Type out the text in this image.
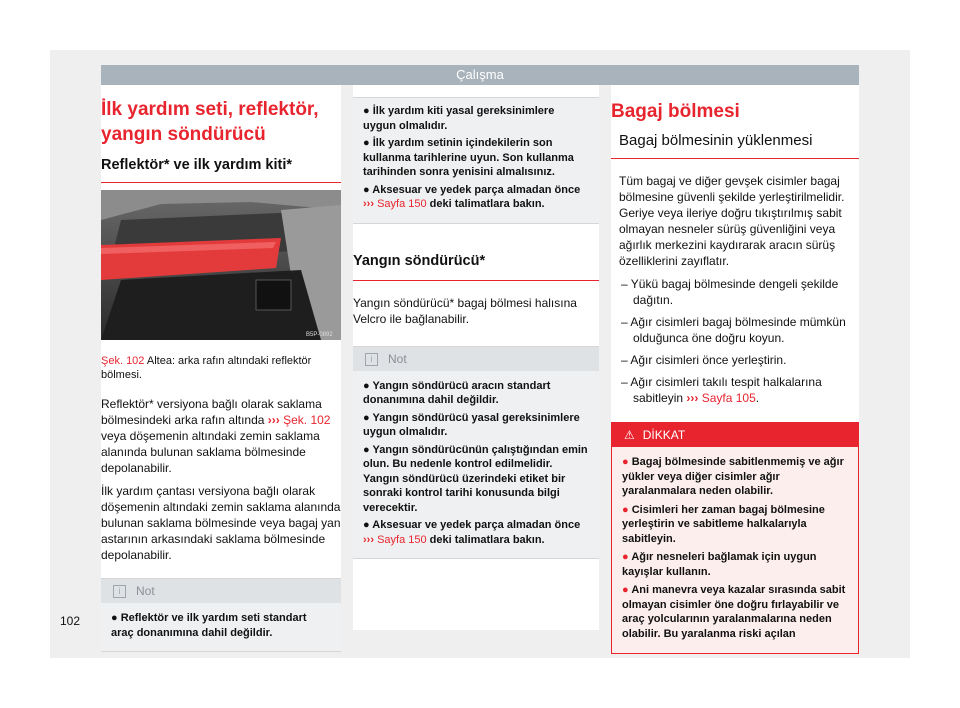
Çalışma
İlk yardım seti, reflektör,
yangın söndürücü
Reflektör* ve ilk yardım kiti*
Şek. 102 Altea: arka rafın altındaki reflektör bölmesi.

Reflektör* versiyona bağlı olarak saklama bölmesindeki arka rafın altında ››› Şek. 102 veya döşemenin altındaki zemin saklama alanında bulunan saklama bölmesinde depolanabilir.

İlk yardım çantası versiyona bağlı olarak döşemenin altındaki zemin saklama alanında bulunan saklama bölmesinde veya bagaj yan astarının arkasındaki saklama bölmesinde depolanabilir.

i Not
● Reflektör ve ilk yardım seti standart araç donanımına dahil değildir.
B5P-0892
● İlk yardım kiti yasal gereksinimlere uygun olmalıdır.
● İlk yardım setinin içindekilerin son kullanma tarihlerine uyun. Son kullanma tarihinden sonra yenisini almalısınız.
● Aksesuar ve yedek parça almadan önce ››› Sayfa 150 deki talimatlara bakın.
Yangın söndürücü*

Yangın söndürücü* bagaj bölmesi halısına Velcro ile bağlanabilir.

i Not
● Yangın söndürücü aracın standart donanımına dahil değildir.
● Yangın söndürücü yasal gereksinimlere uygun olmalıdır.
● Yangın söndürücünün çalıştığından emin olun. Bu nedenle kontrol edilmelidir. Yangın söndürücü üzerindeki etiket bir sonraki kontrol tarihi konusunda bilgi verecektir.
● Aksesuar ve yedek parça almadan önce ››› Sayfa 150 deki talimatlara bakın.
Bagaj bölmesi
Bagaj bölmesinin yüklenmesi

Tüm bagaj ve diğer gevşek cisimler bagaj bölmesine güvenli şekilde yerleştirilmelidir. Geriye veya ileriye doğru tıkıştırılmış sabit olmayan nesneler sürüş güvenliğini veya ağırlık merkezini kaydırarak aracın sürüş özelliklerini zayıflatır.

– Yükü bagaj bölmesinde dengeli şekilde dağıtın.
– Ağır cisimleri bagaj bölmesinde mümkün olduğunca öne doğru koyun.
– Ağır cisimleri önce yerleştirin.
– Ağır cisimleri takılı tespit halkalarına sabitleyin ››› Sayfa 105.
⚠ DİKKAT
● Bagaj bölmesinde sabitlenmemiş ve ağır yükler veya diğer cisimler ağır yaralanmalara neden olabilir.
● Cisimleri her zaman bagaj bölmesine yerleştirin ve sabitleme halkalarıyla sabitleyin.
● Ağır nesneleri bağlamak için uygun kayışlar kullanın.
● Ani manevra veya kazalar sırasında sabit olmayan cisimler öne doğru fırlayabilir ve araç yolcularının yaralanmalarına neden olabilir. Bu yaralanma riski açılan
102
